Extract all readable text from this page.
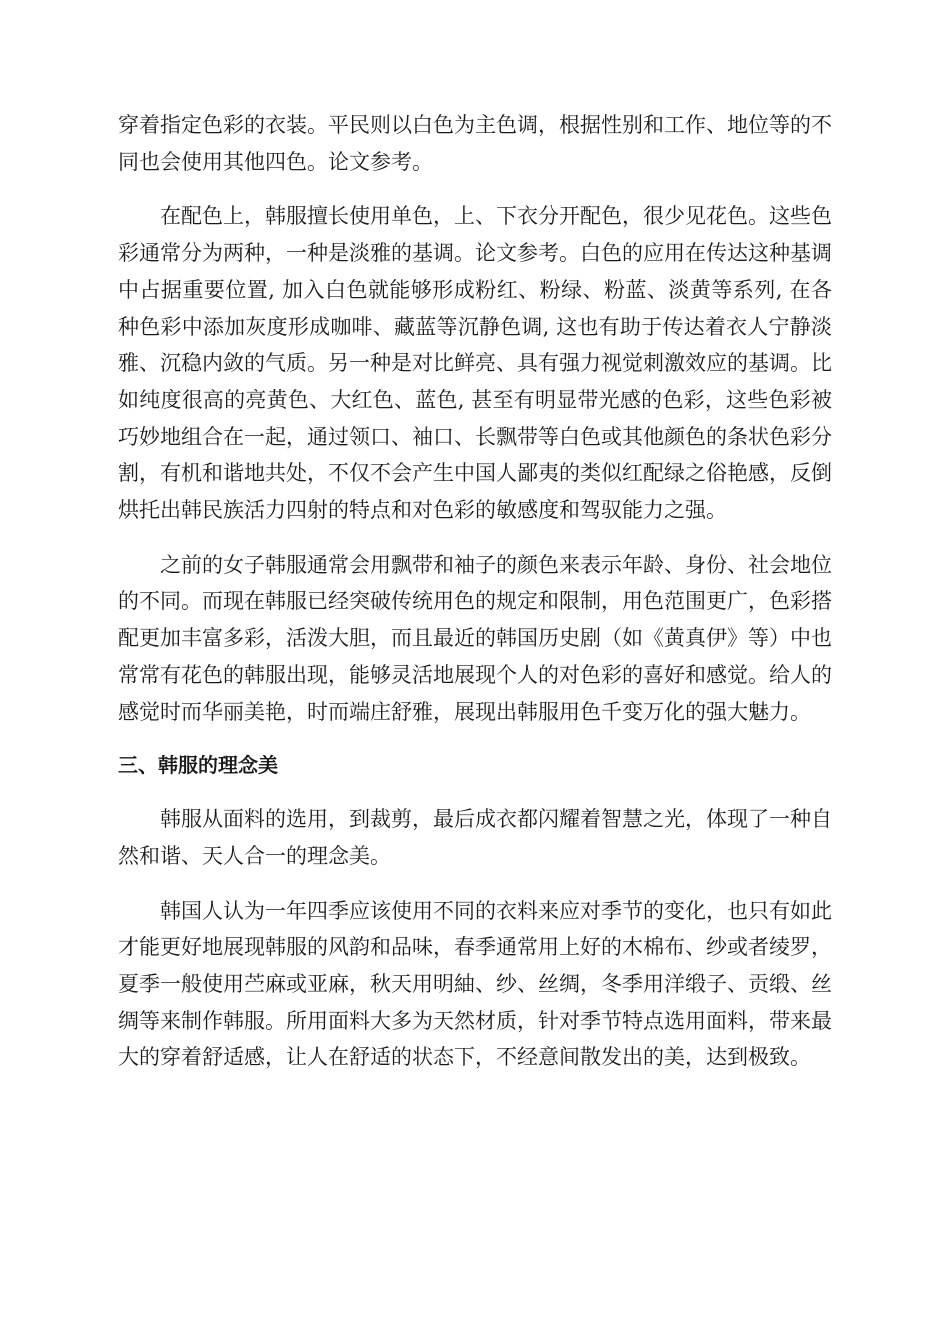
穿着指定色彩的衣装。平民则以白色为主色调，根据性别和工作、地位等的不同也会使用其他四色。论文参考。

在配色上，韩服擅长使用单色，上、下衣分开配色，很少见花色。这些色彩通常分为两种，一种是淡雅的基调。论文参考。白色的应用在传达这种基调中占据重要位置, 加入白色就能够形成粉红、粉绿、粉蓝、淡黄等系列, 在各种色彩中添加灰度形成咖啡、藏蓝等沉静色调, 这也有助于传达着衣人宁静淡雅、沉稳内敛的气质。另一种是对比鲜亮、具有强力视觉刺激效应的基调。比如纯度很高的亮黄色、大红色、蓝色, 甚至有明显带光感的色彩，这些色彩被巧妙地组合在一起，通过领口、袖口、长飘带等白色或其他颜色的条状色彩分割，有机和谐地共处，不仅不会产生中国人鄙夷的类似红配绿之俗艳感，反倒烘托出韩民族活力四射的特点和对色彩的敏感度和驾驭能力之强。

之前的女子韩服通常会用飘带和袖子的颜色来表示年龄、身份、社会地位的不同。而现在韩服已经突破传统用色的规定和限制，用色范围更广，色彩搭配更加丰富多彩，活泼大胆，而且最近的韩国历史剧（如《黄真伊》等）中也常常有花色的韩服出现，能够灵活地展现个人的对色彩的喜好和感觉。给人的感觉时而华丽美艳，时而端庄舒雅，展现出韩服用色千变万化的强大魅力。

三、韩服的理念美

韩服从面料的选用，到裁剪，最后成衣都闪耀着智慧之光，体现了一种自然和谐、天人合一的理念美。

韩国人认为一年四季应该使用不同的衣料来应对季节的变化，也只有如此才能更好地展现韩服的风韵和品味，春季通常用上好的木棉布、纱或者绫罗，夏季一般使用苎麻或亚麻，秋天用明紬、纱、丝绸，冬季用洋缎子、贡缎、丝绸等来制作韩服。所用面料大多为天然材质，针对季节特点选用面料，带来最大的穿着舒适感，让人在舒适的状态下，不经意间散发出的美，达到极致。
